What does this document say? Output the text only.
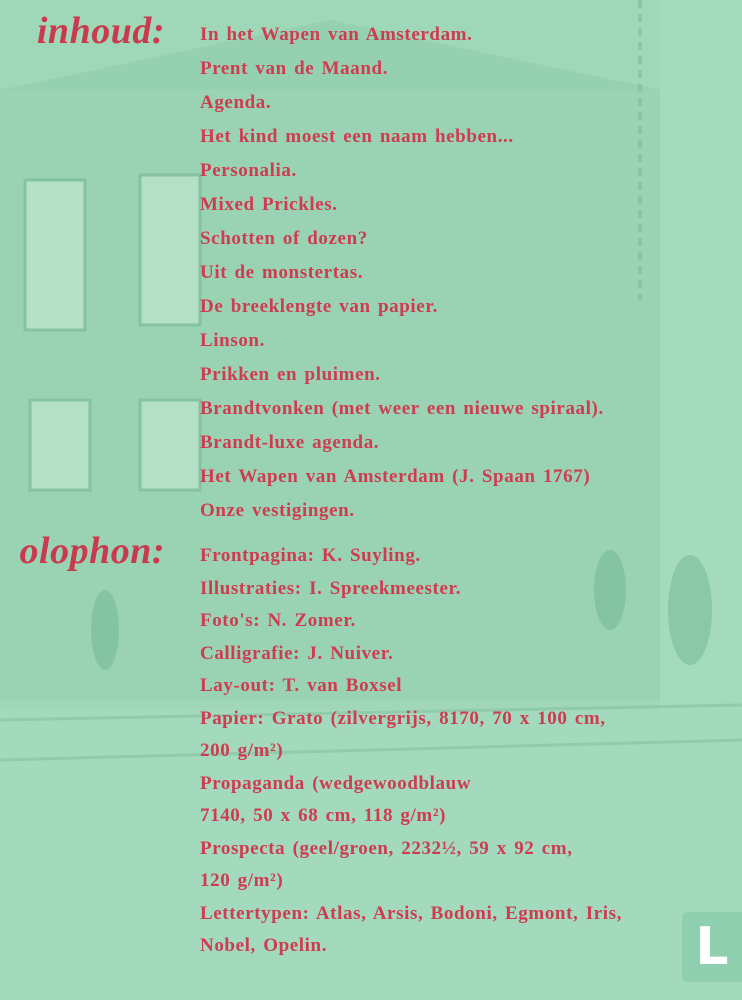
inhoud: In het Wapen van Amsterdam.
Prent van de Maand.
Agenda.
Het kind moest een naam hebben...
Personalia.
Mixed Prickles.
Schotten of dozen?
Uit de monstertas.
De breeklengte van papier.
Linson.
Prikken en pluimen.
Brandtvonken (met weer een nieuwe spiraal).
Brandt-luxe agenda.
Het Wapen van Amsterdam (J. Spaan 1767)
Onze vestigingen.
olophon: Frontpagina: K. Suyling.
Illustraties: I. Spreekmeester.
Foto's: N. Zomer.
Calligrafie: J. Nuiver.
Lay-out: T. van Boxsel
Papier: Grato (zilvergrijs, 8170, 70 x 100 cm,
200 g/m²)
Propaganda (wedgewoodblauw
7140, 50 x 68 cm, 118 g/m²)
Prospecta (geel/groen, 2232½, 59 x 92 cm,
120 g/m²)
Lettertypen: Atlas, Arsis, Bodoni, Egmont, Iris,
Nobel, Opelin.	L
